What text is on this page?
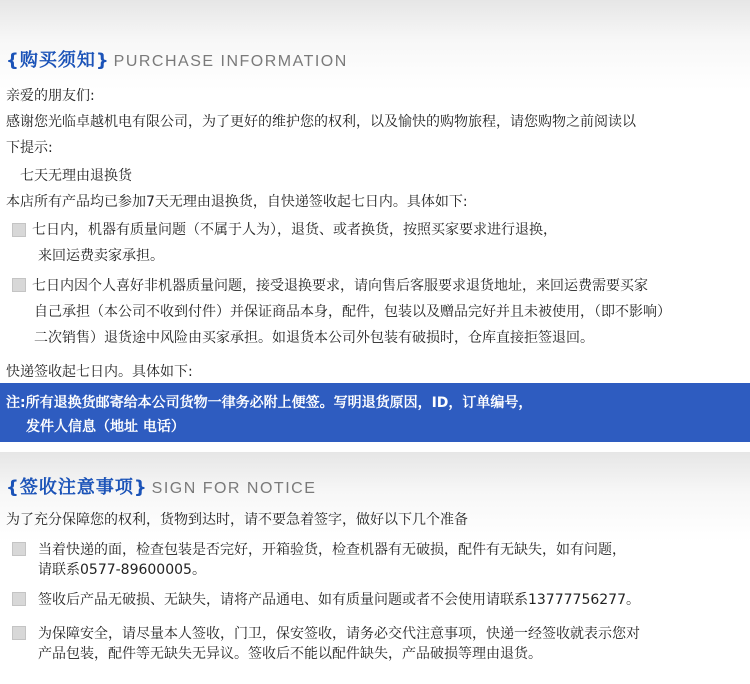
{购买须知} PURCHASE INFORMATION
亲爱的朋友们:
感谢您光临卓越机电有限公司，为了更好的维护您的权利，以及愉快的购物旅程，请您购物之前阅读以
下提示:
七天无理由退换货
本店所有产品均已参加7天无理由退换货，自快递签收起七日内。具体如下:
七日内，机器有质量问题（不属于人为），退货、或者换货，按照买家要求进行退换，
来回运费卖家承担。
七日内因个人喜好非机器质量问题，接受退换要求，请向售后客服要求退货地址，来回运费需要买家
自己承担（本公司不收到付件）并保证商品本身，配件，包装以及赠品完好并且未被使用，（即不影响）
二次销售）退货途中风险由买家承担。如退货本公司外包装有破损时，仓库直接拒签退回。
快递签收起七日内。具体如下:
注:所有退换货邮寄给本公司货物一律务必附上便签。写明退货原因，ID，订单编号，
发件人信息（地址 电话）
{签收注意事项} SIGN FOR NOTICE
为了充分保障您的权利，货物到达时，请不要急着签字，做好以下几个准备
当着快递的面，检查包装是否完好，开箱验货，检查机器有无破损，配件有无缺失，如有问题，
请联系0577-89600005。
签收后产品无破损、无缺失，请将产品通电、如有质量问题或者不会使用请联系13777756277。
为保障安全，请尽量本人签收，门卫，保安签收，请务必交代注意事项，快递一经签收就表示您对
产品包装，配件等无缺失无异议。签收后不能以配件缺失，产品破损等理由退货。
